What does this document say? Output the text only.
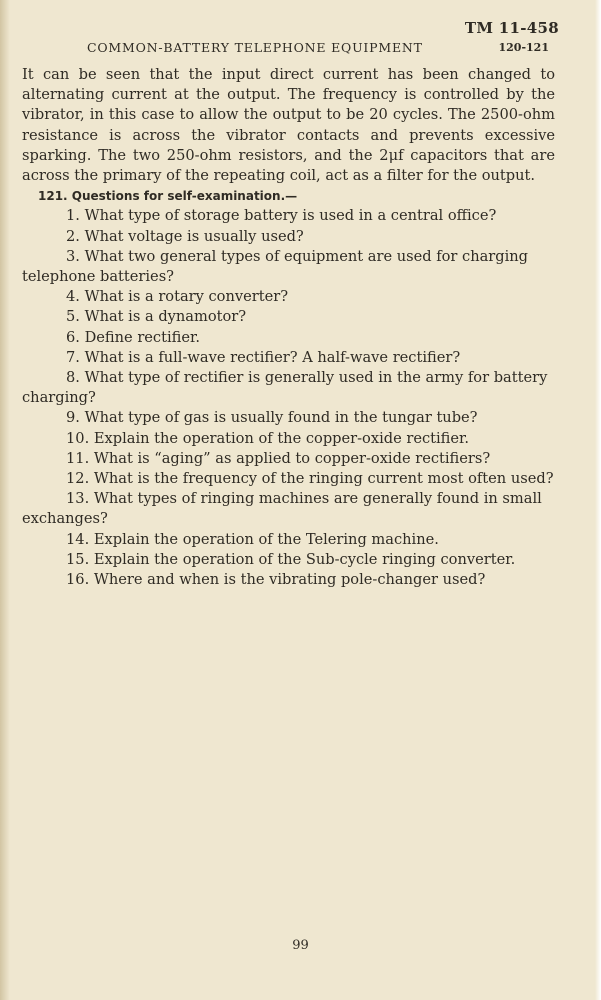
TM 11-458
COMMON-BATTERY TELEPHONE EQUIPMENT	120-121

It can be seen that the input direct current has been changed to alternating current at the output. The frequency is controlled by the vibrator, in this case to allow the output to be 20 cycles. The 2500-ohm resistance is across the vibrator contacts and prevents excessive sparking. The two 250-ohm resistors, and the 2μf capacitors that are across the primary of the repeating coil, act as a filter for the output.

121. Questions for self-examination.—

1. What type of storage battery is used in a central office?

2. What voltage is usually used?

3. What two general types of equipment are used for charging telephone batteries?

4. What is a rotary converter?

5. What is a dynamotor?

6. Define rectifier.

7. What is a full-wave rectifier? A half-wave rectifier?

8. What type of rectifier is generally used in the army for battery charging?

9. What type of gas is usually found in the tungar tube?

10. Explain the operation of the copper-oxide rectifier.

11. What is “aging” as applied to copper-oxide rectifiers?

12. What is the frequency of the ringing current most often used?

13. What types of ringing machines are generally found in small exchanges?

14. Explain the operation of the Telering machine.

15. Explain the operation of the Sub-cycle ringing converter.

16. Where and when is the vibrating pole-changer used?

99
